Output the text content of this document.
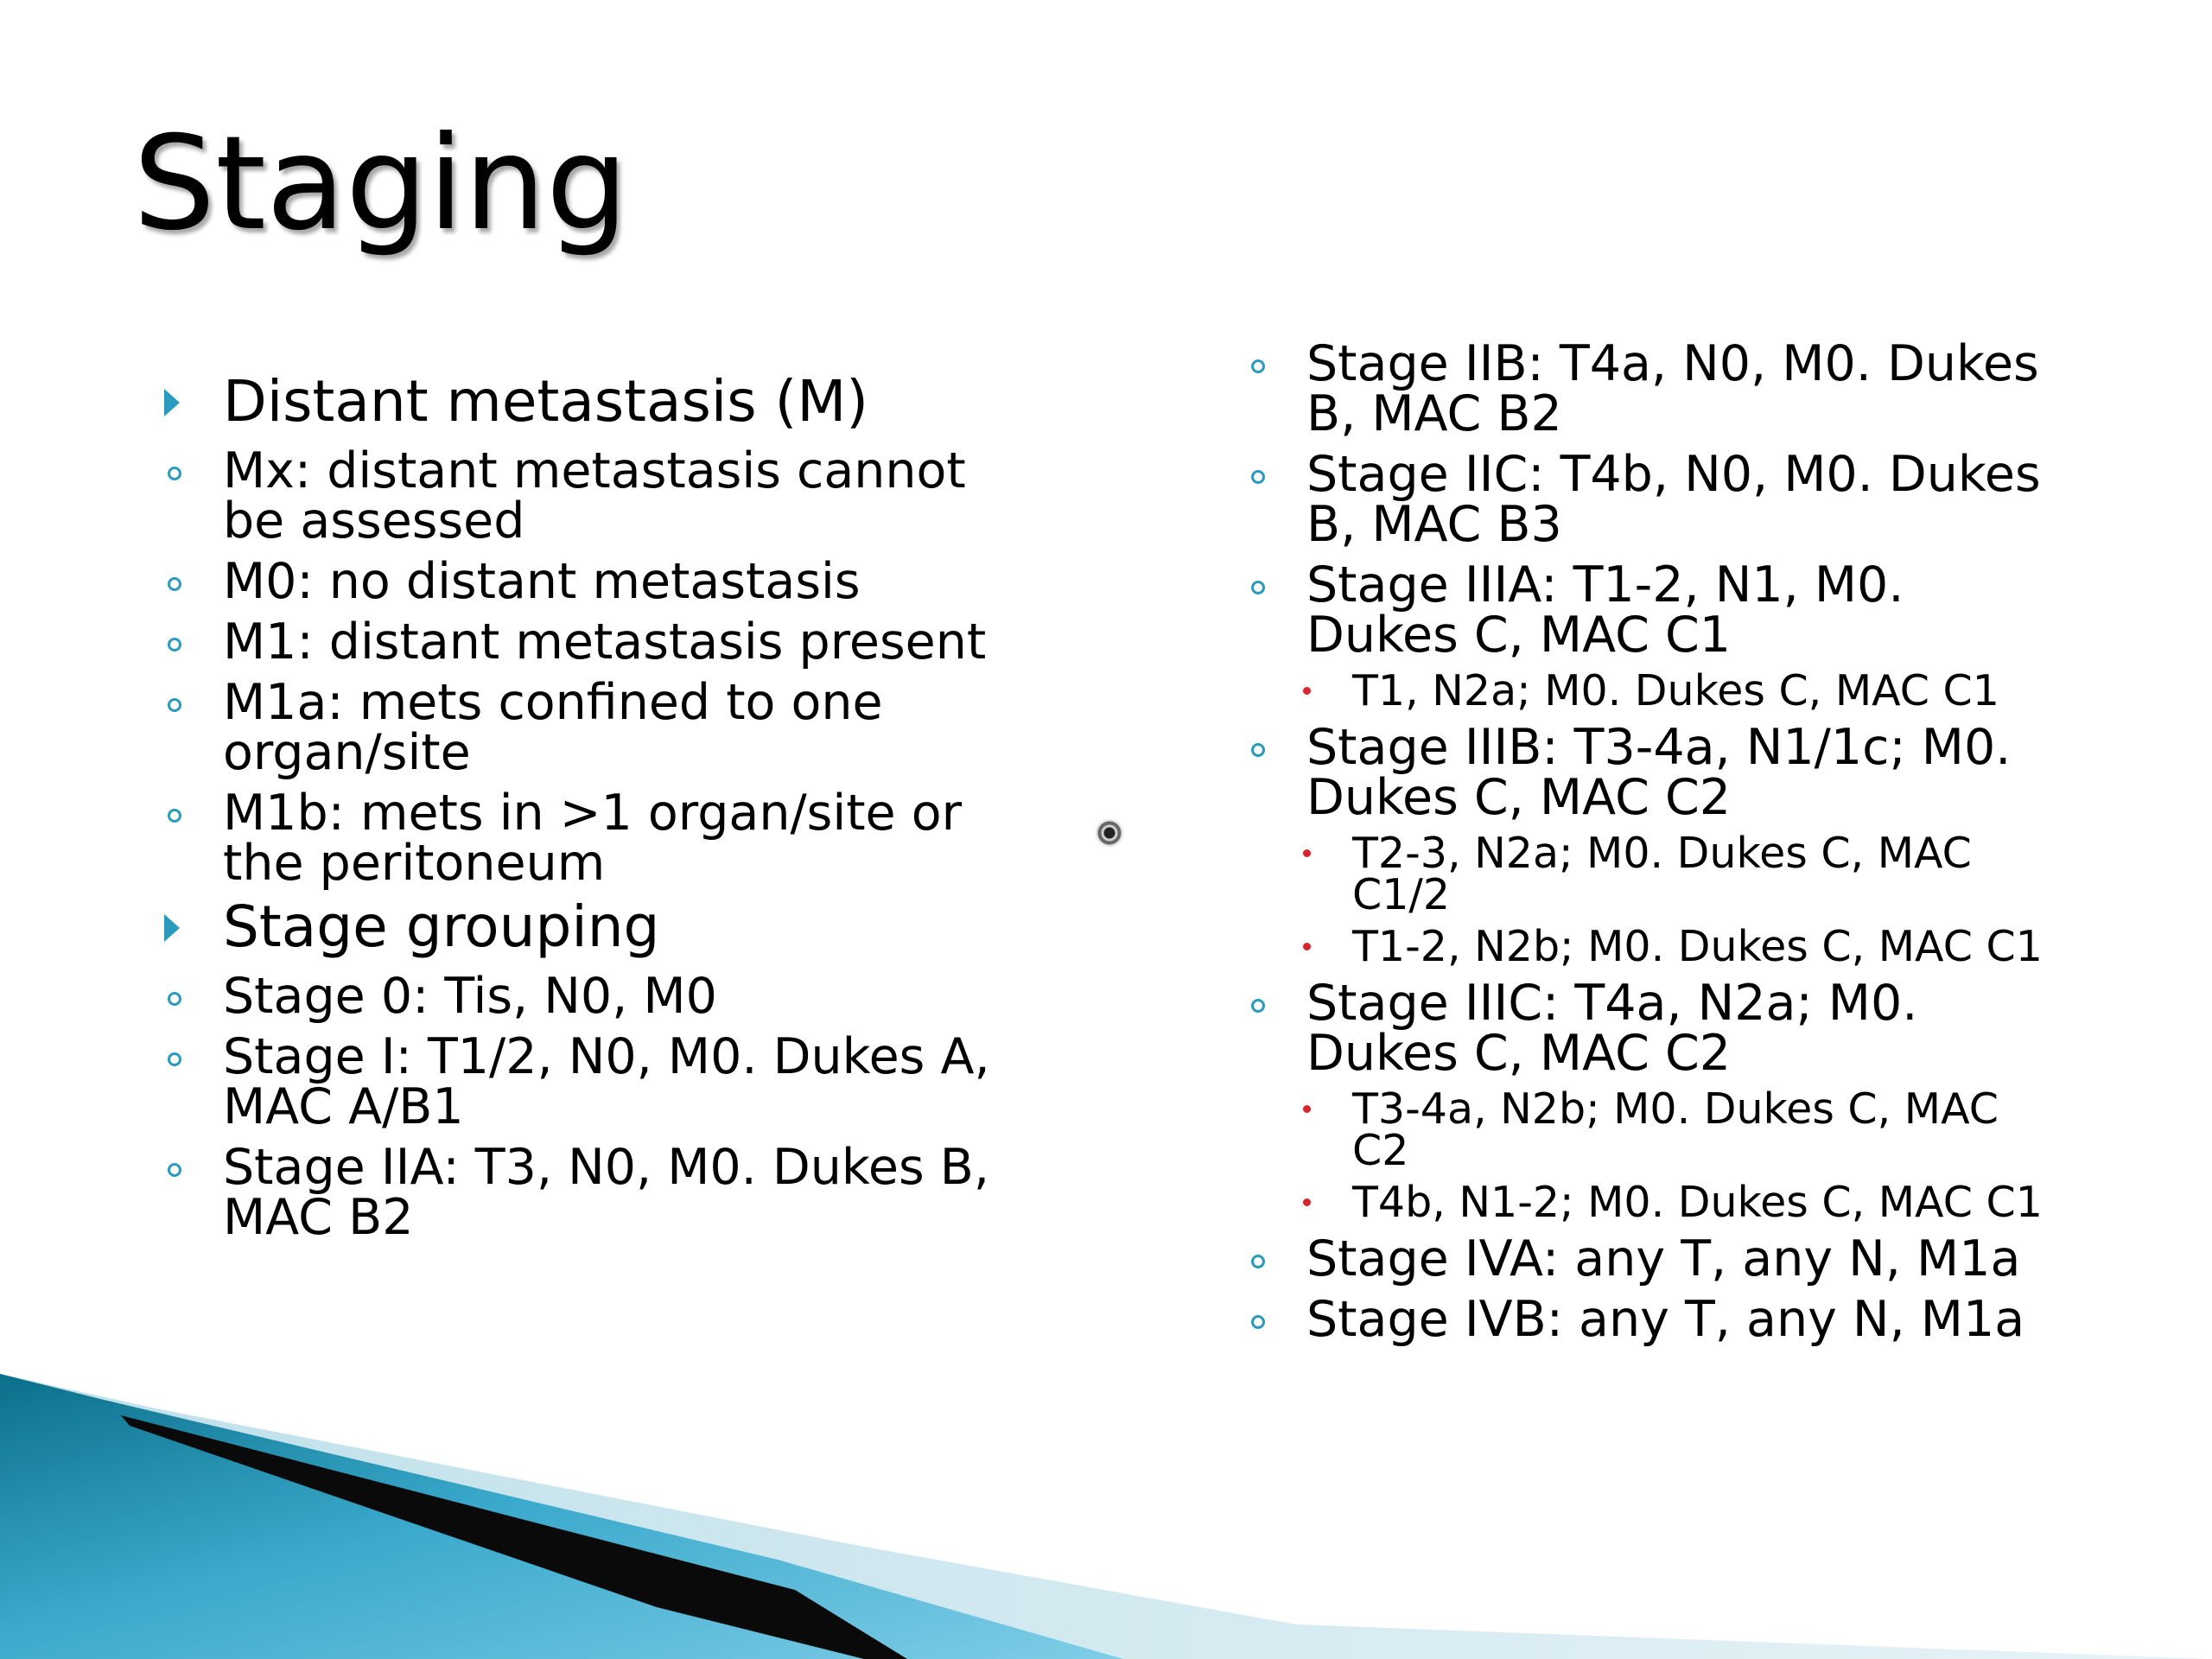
Staging
Distant metastasis (M)
Mx: distant metastasis cannot be assessed
M0: no distant metastasis
M1: distant metastasis present
M1a: mets confined to one organ/site
M1b: mets in >1 organ/site or the peritoneum
Stage grouping
Stage 0: Tis, N0, M0
Stage I: T1/2, N0, M0. Dukes A, MAC A/B1
Stage IIA: T3, N0, M0. Dukes B, MAC B2
Stage IIB: T4a, N0, M0. Dukes B, MAC B2
Stage IIC: T4b, N0, M0. Dukes B, MAC B3
Stage IIIA: T1-2, N1, M0. Dukes C, MAC C1
T1, N2a; M0. Dukes C, MAC C1
Stage IIIB: T3-4a, N1/1c; M0. Dukes C, MAC C2
T2-3, N2a; M0. Dukes C, MAC C1/2
T1-2, N2b; M0. Dukes C, MAC C1
Stage IIIC: T4a, N2a; M0. Dukes C, MAC C2
T3-4a, N2b; M0. Dukes C, MAC C2
T4b, N1-2; M0. Dukes C, MAC C1
Stage IVA: any T, any N, M1a
Stage IVB: any T, any N, M1a
